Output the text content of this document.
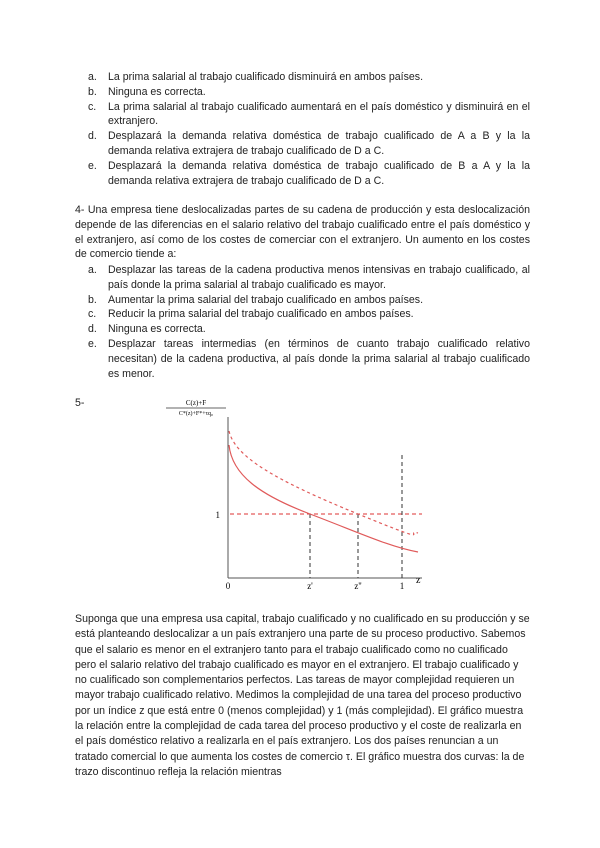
a. La prima salarial al trabajo cualificado disminuirá en ambos países.
b. Ninguna es correcta.
c. La prima salarial al trabajo cualificado aumentará en el país doméstico y disminuirá en el extranjero.
d. Desplazará la demanda relativa doméstica de trabajo cualificado de A a B y la la demanda relativa extrajera de trabajo cualificado de D a C.
e. Desplazará la demanda relativa doméstica de trabajo cualificado de B a A y la la demanda relativa extrajera de trabajo cualificado de D a C.

4- Una empresa tiene deslocalizadas partes de su cadena de producción y esta deslocalización depende de las diferencias en el salario relativo del trabajo cualificado entre el país doméstico y el extranjero, así como de los costes de comerciar con el extranjero. Un aumento en los costes de comercio tiende a:

a. Desplazar las tareas de la cadena productiva menos intensivas en trabajo cualificado, al país donde la prima salarial al trabajo cualificado es mayor.
b. Aumentar la prima salarial del trabajo cualificado en ambos países.
c. Reducir la prima salarial del trabajo cualificado en ambos países.
d. Ninguna es correcta.
e. Desplazar tareas intermedias (en términos de cuanto trabajo cualificado relativo necesitan) de la cadena productiva, al país donde la prima salarial al trabajo cualificado es menor.
5-	C(z)+F
C*(z)+F*+τq₀
1
0	z'	z''	1 z

Suponga que una empresa usa capital, trabajo cualificado y no cualificado en su producción y se está planteando deslocalizar a un país extranjero una parte de su proceso productivo. Sabemos que el salario es menor en el extranjero tanto para el trabajo cualificado como no cualificado pero el salario relativo del trabajo cualificado es mayor en el extranjero. El trabajo cualificado y no cualificado son complementarios perfectos. Las tareas de mayor complejidad requieren un mayor trabajo cualificado relativo. Medimos la complejidad de una tarea del proceso productivo por un índice z que está entre 0 (menos complejidad) y 1 (más complejidad). El gráfico muestra la relación entre la complejidad de cada tarea del proceso productivo y el coste de realizarla en el país doméstico relativo a realizarla en el país extranjero. Los dos países renuncian a un tratado comercial lo que aumenta los costes de comercio τ. El gráfico muestra dos curvas: la de trazo discontinuo refleja la relación mientras
